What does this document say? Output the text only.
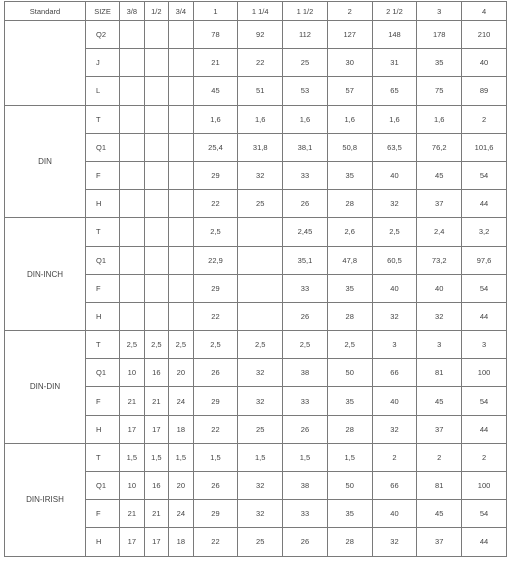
Standard	SIZE	3/8	1/2	3/4	1	1 1/4	1 1/2	2	2 1/2	3	4
	Q2				78	92	112	127	148	178	210
	J				21	22	25	30	31	35	40
	L				45	51	53	57	65	75	89
DIN	T				1,6	1,6	1,6	1,6	1,6	1,6	2
	Q1				25,4	31,8	38,1	50,8	63,5	76,2	101,6
	F				29	32	33	35	40	45	54
	H				22	25	26	28	32	37	44
DIN-INCH	T				2,5		2,45	2,6	2,5	2,4	3,2
	Q1				22,9		35,1	47,8	60,5	73,2	97,6
	F				29		33	35	40	40	54
	H				22		26	28	32	32	44
DIN-DIN	T	2,5	2,5	2,5	2,5	2,5	2,5	2,5	3	3	3
	Q1	10	16	20	26	32	38	50	66	81	100
	F	21	21	24	29	32	33	35	40	45	54
	H	17	17	18	22	25	26	28	32	37	44
DIN-IRISH	T	1,5	1,5	1,5	1,5	1,5	1,5	1,5	2	2	2
	Q1	10	16	20	26	32	38	50	66	81	100
	F	21	21	24	29	32	33	35	40	45	54
	H	17	17	18	22	25	26	28	32	37	44
